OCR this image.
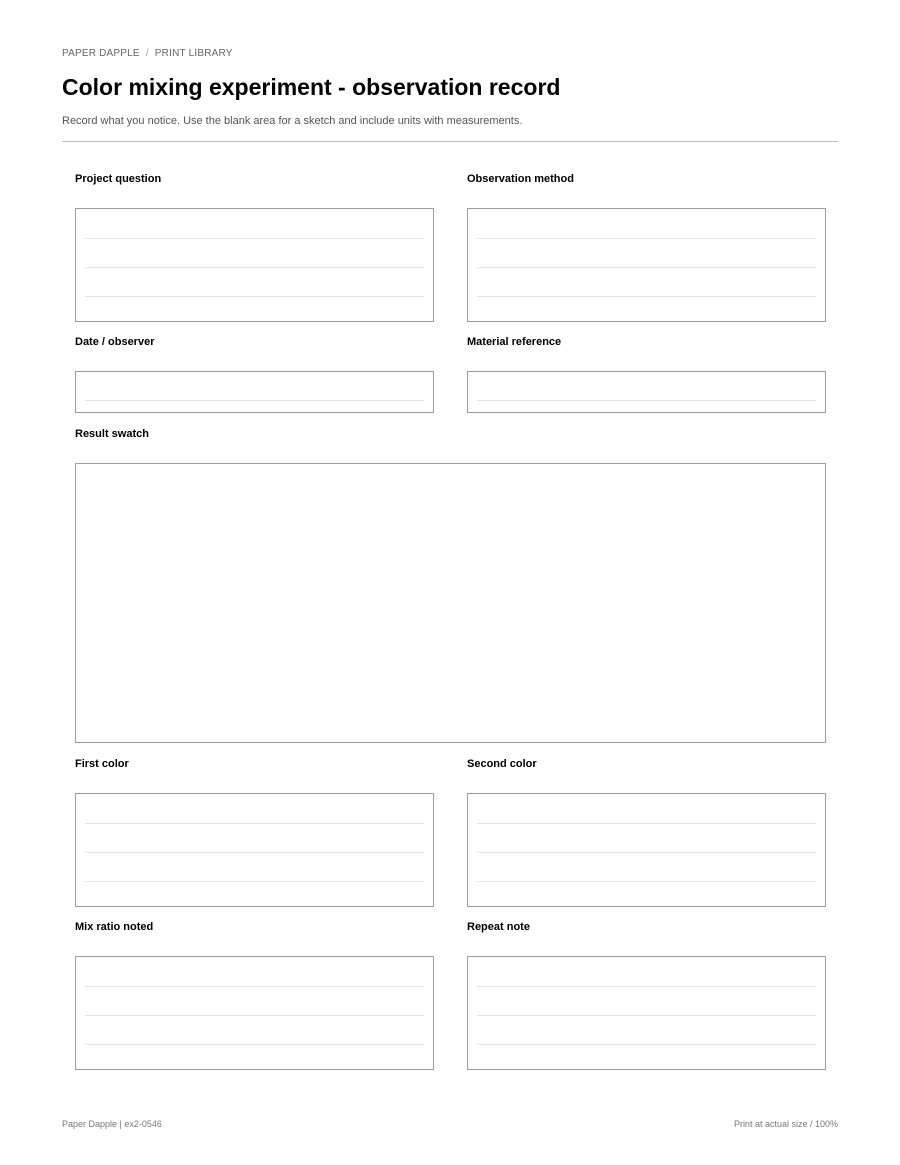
PAPER DAPPLE / PRINT LIBRARY
Color mixing experiment - observation record
Record what you notice. Use the blank area for a sketch and include units with measurements.
Project question	Observation method
Date / observer	Material reference
Result swatch
First color	Second color
Mix ratio noted	Repeat note
Paper Dapple | ex2-0546	Print at actual size / 100%
